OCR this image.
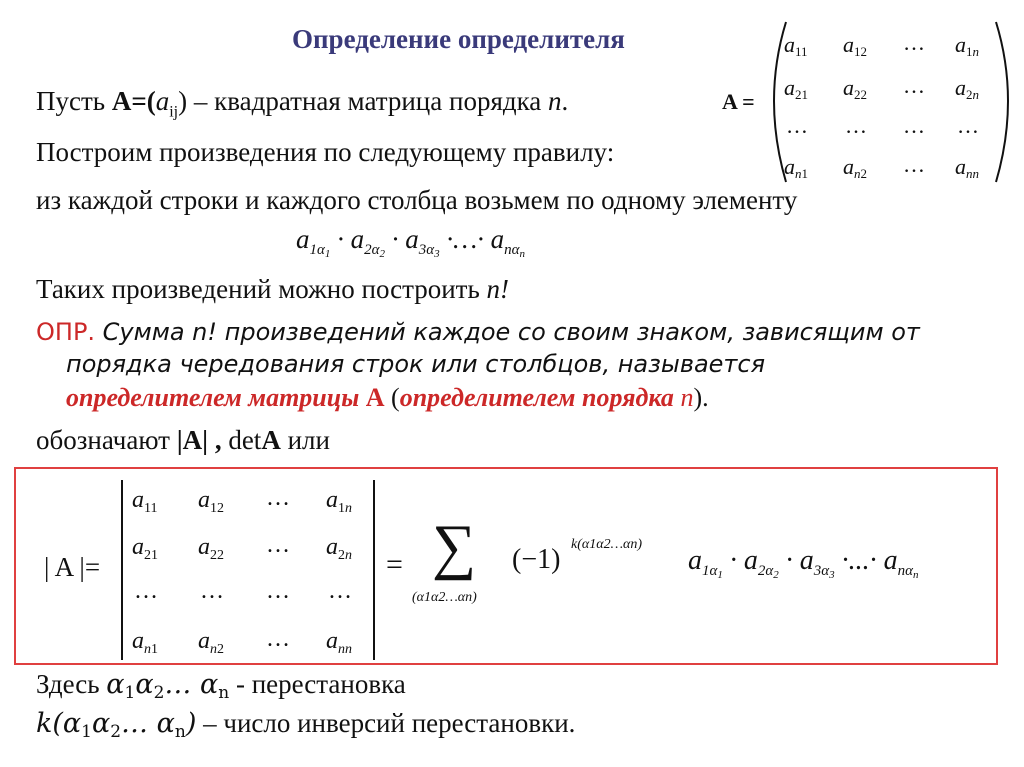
Определение определителя
A =
$a_{11}$ $a_{12}$ … $a_{1n}$
$a_{21}$ $a_{22}$ … $a_{2n}$
… … … …
$a_{n1}$ $a_{n2}$ … $a_{nn}$
Пусть $A=(a_{ij})$ – квадратная матрица порядка n.
Построим произведения по следующему правилу:
из каждой строки и каждого столбца возьмем по одному элементу
$a_{1\alpha_1} \cdot a_{2\alpha_2} \cdot a_{3\alpha_3}$ ·…· $a_{n\alpha_n}$
Таких произведений можно построить n!
ОПР. Сумма n! произведений каждое со своим знаком, зависящим от
порядка чередования строк или столбцов, называется
определителем матрицы A (определителем порядка n).
обозначают |A| , detA или
| A |=
$a_{11}$ $a_{12}$ … $a_{1n}$
$a_{21}$ $a_{22}$ … $a_{2n}$
… … … …
$a_{n1}$ $a_{n2}$ … $a_{nn}$
= ∑
(α1α2…αn)
(−1) k(α1α2…αn)
$a_{1\alpha_1} \cdot a_{2\alpha_2} \cdot a_{3\alpha_3}$ ·...· $a_{n\alpha_n}$
Здесь $\alpha_1\alpha_2\dots$ $\alpha_n$ - перестановка
$k(\alpha_1\alpha_2\dots$ $\alpha_n$) – число инверсий перестановки.
